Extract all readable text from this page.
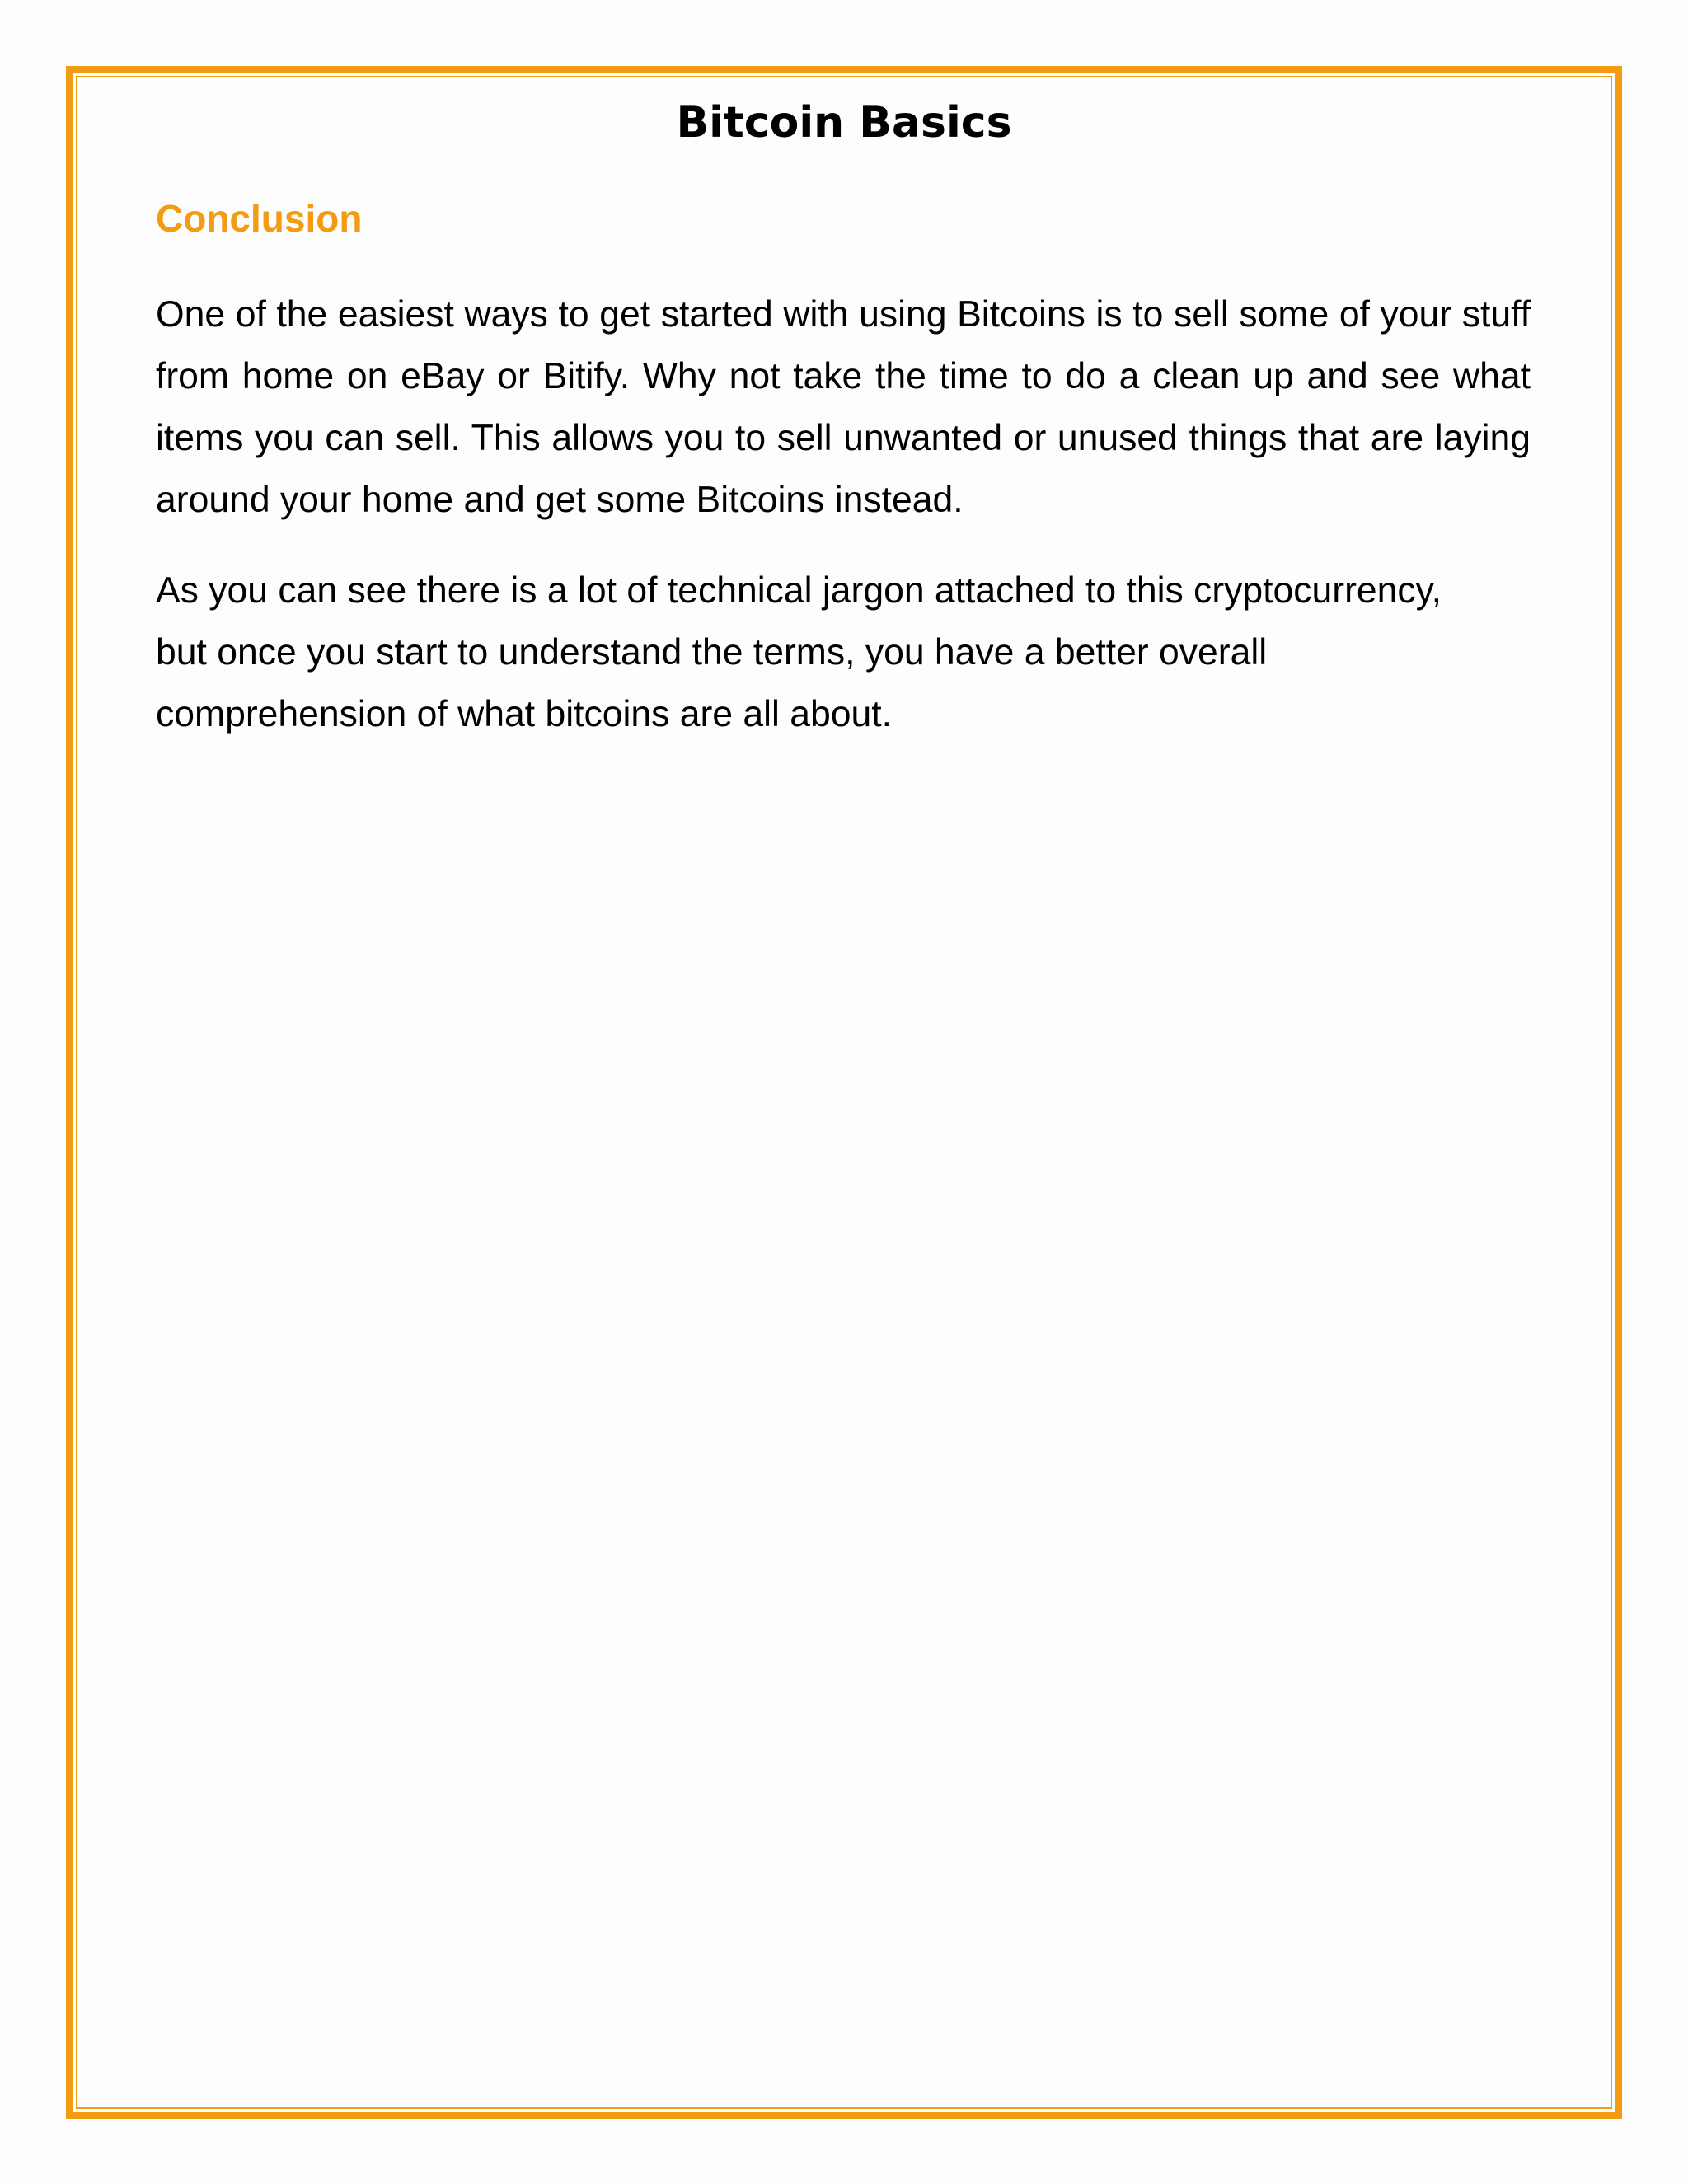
Bitcoin Basics
Conclusion

One of the easiest ways to get started with using Bitcoins is to sell some of your stuff from home on eBay or Bitify. Why not take the time to do a clean up and see what items you can sell. This allows you to sell unwanted or unused things that are laying around your home and get some Bitcoins instead.

As you can see there is a lot of technical jargon attached to this cryptocurrency, but once you start to understand the terms, you have a better overall comprehension of what bitcoins are all about.
